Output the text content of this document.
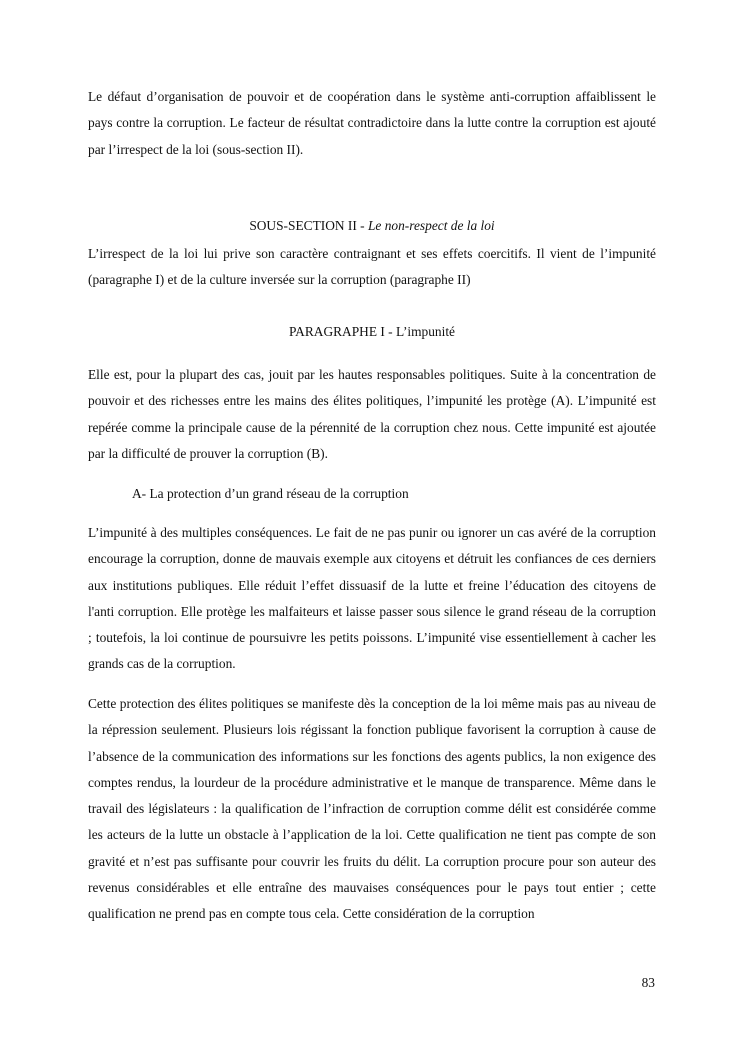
Le défaut d’organisation de pouvoir et de coopération dans le système anti-corruption affaiblissent le pays contre la corruption. Le facteur de résultat contradictoire dans la lutte contre la corruption est ajouté par l’irrespect de la loi (sous-section II).

SOUS-SECTION II - Le non-respect de la loi

L’irrespect de la loi lui prive son caractère contraignant et ses effets coercitifs. Il vient de l’impunité (paragraphe I) et de la culture inversée sur la corruption (paragraphe II)

PARAGRAPHE I - L’impunité

Elle est, pour la plupart des cas, jouit par les hautes responsables politiques. Suite à la concentration de pouvoir et des richesses entre les mains des élites politiques, l’impunité les protège (A). L’impunité est repérée comme la principale cause de la pérennité de la corruption chez nous. Cette impunité est ajoutée par la difficulté de prouver la corruption (B).

A- La protection d’un grand réseau de la corruption

L’impunité à des multiples conséquences. Le fait de ne pas punir ou ignorer un cas avéré de la corruption encourage la corruption, donne de mauvais exemple aux citoyens et détruit les confiances de ces derniers aux institutions publiques. Elle réduit l’effet dissuasif de la lutte et freine l’éducation des citoyens de l'anti corruption. Elle protège les malfaiteurs et laisse passer sous silence le grand réseau de la corruption ; toutefois, la loi continue de poursuivre les petits poissons. L’impunité vise essentiellement à cacher les grands cas de la corruption.

Cette protection des élites politiques se manifeste dès la conception de la loi même mais pas au niveau de la répression seulement. Plusieurs lois régissant la fonction publique favorisent la corruption à cause de l’absence de la communication des informations sur les fonctions des agents publics, la non exigence des comptes rendus, la lourdeur de la procédure administrative et le manque de transparence. Même dans le travail des législateurs : la qualification de l’infraction de corruption comme délit est considérée comme les acteurs de la lutte un obstacle à l’application de la loi. Cette qualification ne tient pas compte de son gravité et n’est pas suffisante pour couvrir les fruits du délit. La corruption procure pour son auteur des revenus considérables et elle entraîne des mauvaises conséquences pour le pays tout entier ; cette qualification ne prend pas en compte tous cela. Cette considération de la corruption

83
